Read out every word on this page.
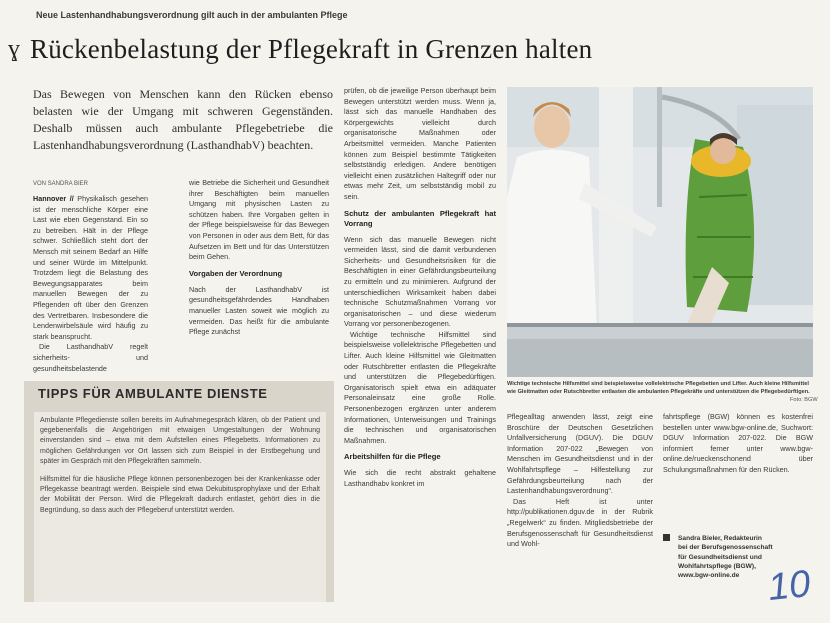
Neue Lastenhandhabungsverordnung gilt auch in der ambulanten Pflege
ɣ Rückenbelastung der Pflegekraft in Grenzen halten
Das Bewegen von Menschen kann den Rücken ebenso belasten wie der Umgang mit schweren Gegenständen. Deshalb müssen auch ambulante Pflegebetriebe die Lastenhandhabungsverordnung (LasthandhabV) beachten.
VON SANDRA BIER

Hannover // Physikalisch gesehen ist der menschliche Körper eine Last wie eben Gegenstand. Ein so zu betreiben. Hält in der Pflege schwer. Schließlich steht dort der Mensch mit seinem Bedarf an Hilfe und seiner Würde im Mittelpunkt. Trotzdem liegt die Belastung des Bewegungsapparates beim manuellen Bewegen der zu Pflegenden oft über den Grenzen des Vertretbaren. Insbesondere die Lendenwirbelsäule wird häufig zu stark beansprucht.

Die LasthandhabV regelt sicherheits- und gesundheitsbelastende

wie Betriebe die Sicherheit und Gesundheit ihrer Beschäftigten beim manuellen Umgang mit physischen Lasten zu schützen haben. Ihre Vorgaben gelten in der Pflege beispielsweise für das Bewegen von Personen in oder aus dem Bett, für das Aufsetzen im Bett und für das Unterstützen beim Gehen.

Vorgaben der Verordnung

Nach der LasthandhabV ist gesundheitsgefährdendes Handhaben manueller Lasten soweit wie möglich zu vermeiden. Das heißt für die ambulante Pflege zunächst

prüfen, ob die jeweilige Person überhaupt beim Bewegen unterstützt werden muss. Wenn ja, lässt sich das manuelle Handhaben des Körpergewichts vielleicht durch organisatorische Maßnahmen oder Arbeitsmittel vermeiden. Manche Patienten können zum Beispiel bestimmte Tätigkeiten selbstständig erledigen. Andere benötigen vielleicht einen zusätzlichen Haltegriff oder nur etwas mehr Zeit, um selbstständig mobil zu sein.

Schutz der ambulanten Pflegekraft hat Vorrang

Wenn sich das manuelle Bewegen nicht vermeiden lässt, sind die damit verbundenen Sicherheits- und Gesundheitsrisiken für die Beschäftigten in einer Gefährdungsbeurteilung zu ermitteln und zu minimieren. Aufgrund der unterschiedlichen Wirksamkeit haben dabei technische Schutzmaßnahmen Vorrang vor organisatorischen – und diese wiederum Vorrang vor personenbezogenen.

Wichtige technische Hilfsmittel sind beispielsweise vollelektrische Pflegebetten und Lifter. Auch kleine Hilfsmittel wie Gleitmatten oder Rutschbretter entlasten die Pflegekräfte und unterstützen die Pflegebedürftigen. Organisatorisch spielt etwa ein adäquater Personaleinsatz eine große Rolle. Personenbezogen ergänzen unter anderem Informationen, Unterweisungen und Trainings die technischen und organisatorischen Maßnahmen.

Arbeitshilfen für die Pflege

Wie sich die recht abstrakt gehaltene Lasthandhabv konkret im

Pflegealltag anwenden lässt, zeigt eine Broschüre der Deutschen Gesetzlichen Unfallversicherung (DGUV). Die DGUV Information 207-022 „Bewegen von Menschen im Gesundheitsdienst und in der Wohlfahrtspflege – Hilfestellung zur Gefährdungsbeurteilung nach der Lastenhandhabungsverordnung“.

Das Heft ist unter http://publikationen.dguv.de in der Rubrik „Regelwerk“ zu finden. Mitgliedsbetriebe der Berufsgenossenschaft für Gesundheitsdienst und Wohl-

fahrtspflege (BGW) können es kostenfrei bestellen unter www.bgw-online.de, Suchwort: DGUV Information 207-022. Die BGW informiert ferner unter www.bgw-online.de/rueckenschonend über Schulungsmaßnahmen für den Rücken.

Wichtige technische Hilfsmittel sind beispielsweise vollelektrische Pflegebetten und Lifter. Auch kleine Hilfsmittel wie Gleitmatten oder Rutschbretter entlasten die ambulanten Pflegekräfte und unterstützen die Pflegebedürftigen.
Foto: BGW
TIPPS FÜR AMBULANTE DIENSTE

Ambulante Pflegedienste sollen bereits im Aufnahmegespräch klären, ob der Patient und gegebenenfalls die Angehörigen mit etwaigen Umgestaltungen der Wohnung einverstanden sind – etwa mit dem Aufstellen eines Pflegebetts. Informationen zu möglichen Gefährdungen vor Ort lassen sich zum Beispiel in der Erstbegehung und später im Gespräch mit den Pflegekräften sammeln.

Hilfsmittel für die häusliche Pflege können personenbezogen bei der Krankenkasse oder Pflegekasse beantragt werden. Beispiele sind etwa Dekubitusprophylaxe und der Erhalt der Mobilität der Person. Wird die Pflegekraft dadurch entlastet, gehört dies in die Begründung, so dass auch der Pflegeberuf unterstützt werden.

Sandra Bieler, Redakteurin
bei der Berufsgenossenschaft
für Gesundheitsdienst und
Wohlfahrtspflege (BGW),
www.bgw-online.de 10
